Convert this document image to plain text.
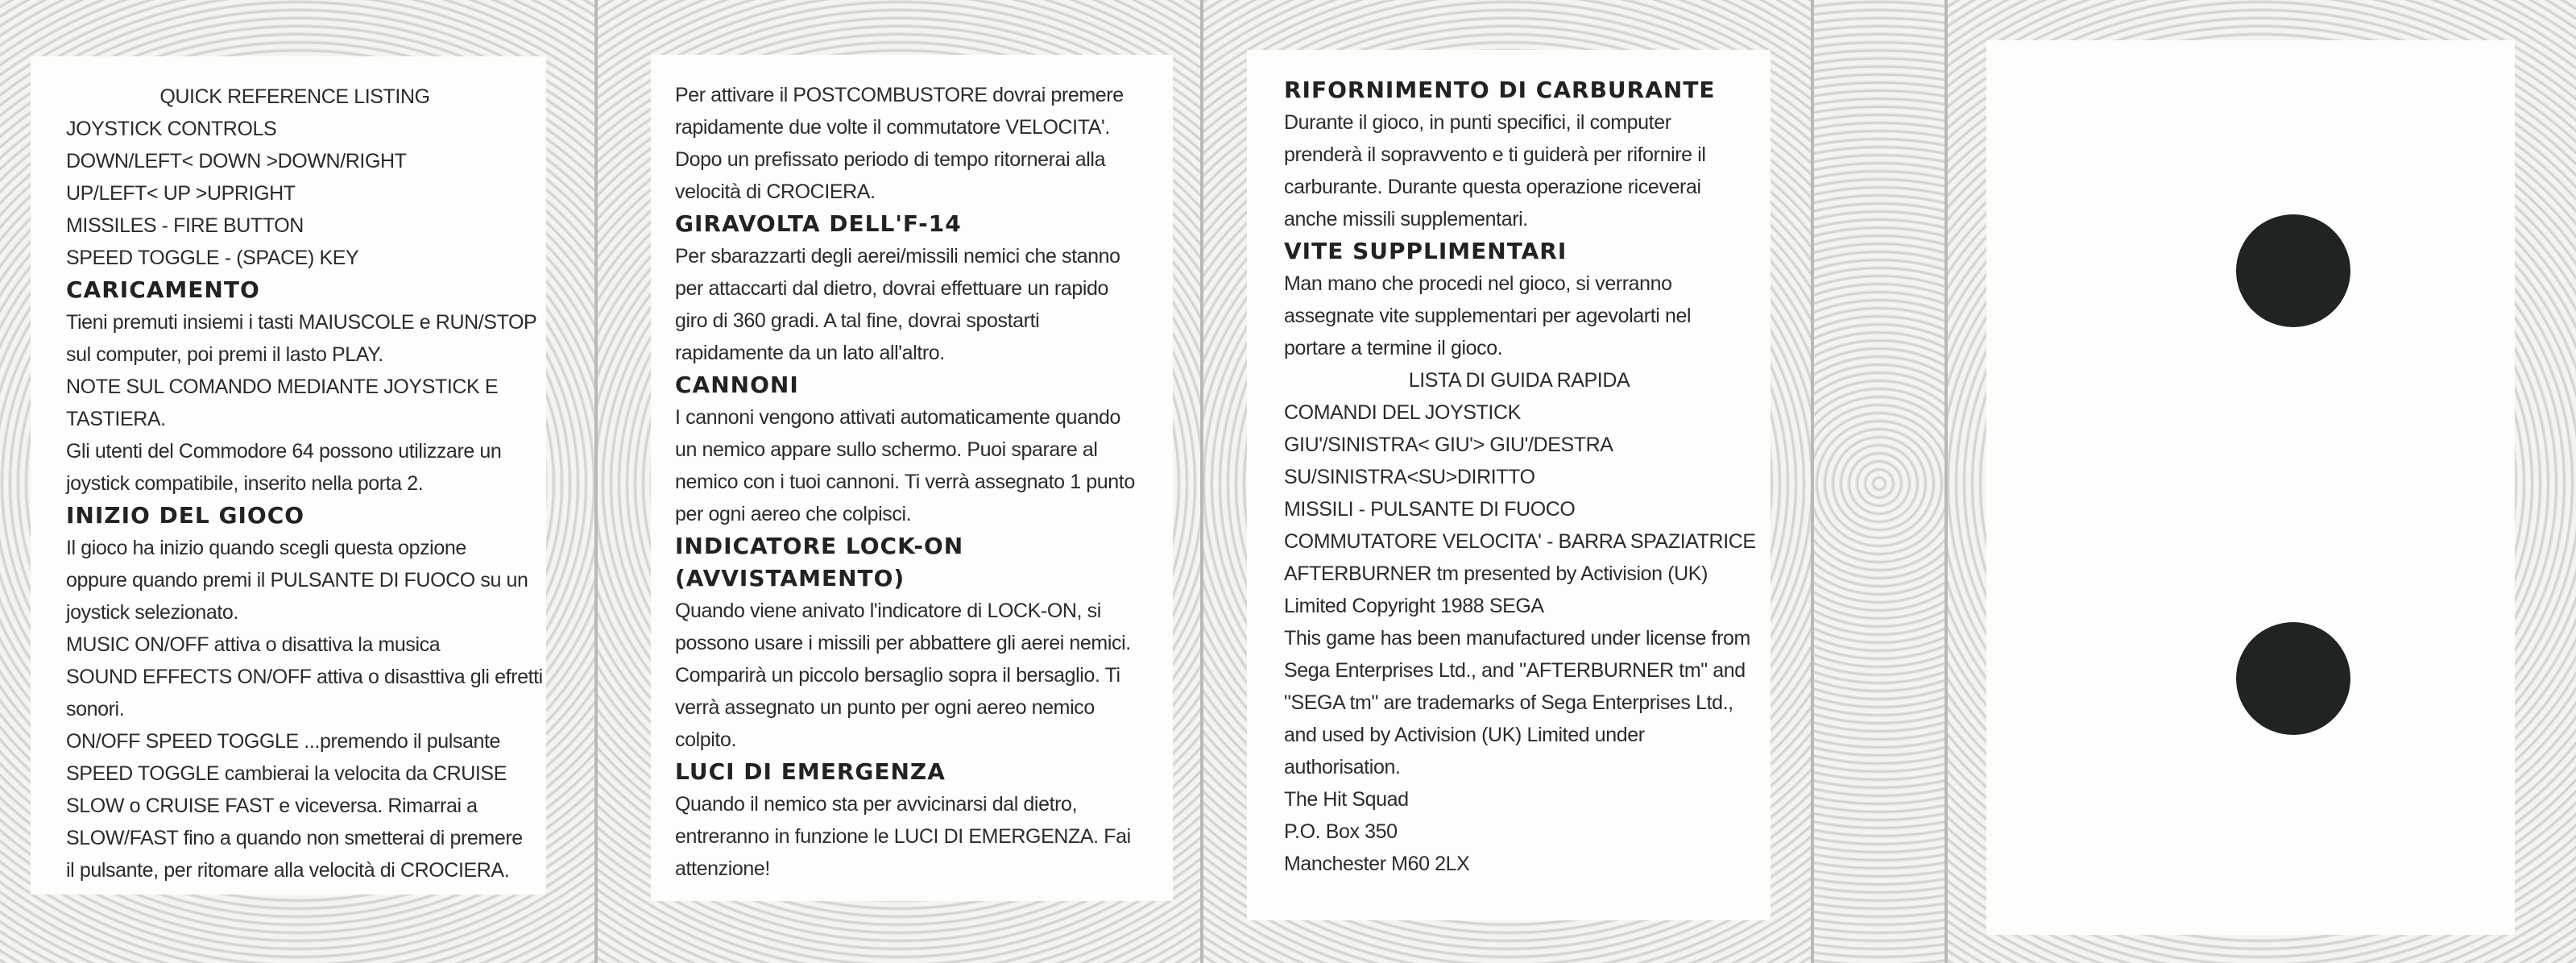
QUICK REFERENCE LISTING
JOYSTICK CONTROLS
DOWN/LEFT< DOWN >DOWN/RIGHT
UP/LEFT< UP >UPRIGHT
MISSILES - FIRE BUTTON
SPEED TOGGLE - (SPACE) KEY
CARICAMENTO
Tieni premuti insiemi i tasti MAIUSCOLE e RUN/STOP
sul computer, poi premi il lasto PLAY.
NOTE SUL COMANDO MEDIANTE JOYSTICK E
TASTIERA.
Gli utenti del Commodore 64 possono utilizzare un
joystick compatibile, inserito nella porta 2.
INIZIO DEL GIOCO
Il gioco ha inizio quando scegli questa opzione
oppure quando premi il PULSANTE DI FUOCO su un
joystick selezionato.
MUSIC ON/OFF attiva o disattiva la musica
SOUND EFFECTS ON/OFF attiva o disasttiva gli efretti
sonori.
ON/OFF SPEED TOGGLE ...premendo il pulsante
SPEED TOGGLE cambierai la velocita da CRUISE
SLOW o CRUISE FAST e viceversa. Rimarrai a
SLOW/FAST fino a quando non smetterai di premere
il pulsante, per ritomare alla velocità di CROCIERA.
Per attivare il POSTCOMBUSTORE dovrai premere
rapidamente due volte il commutatore VELOCITA'.
Dopo un prefissato periodo di tempo ritornerai alla
velocità di CROCIERA.
GIRAVOLTA DELL'F-14
Per sbarazzarti degli aerei/missili nemici che stanno
per attaccarti dal dietro, dovrai effettuare un rapido
giro di 360 gradi. A tal fine, dovrai spostarti
rapidamente da un lato all'altro.
CANNONI
I cannoni vengono attivati automaticamente quando
un nemico appare sullo schermo. Puoi sparare al
nemico con i tuoi cannoni. Ti verrà assegnato 1 punto
per ogni aereo che colpisci.
INDICATORE LOCK-ON
(AVVISTAMENTO)
Quando viene anivato l'indicatore di LOCK-ON, si
possono usare i missili per abbattere gli aerei nemici.
Comparirà un piccolo bersaglio sopra il bersaglio. Ti
verrà assegnato un punto per ogni aereo nemico
colpito.
LUCI DI EMERGENZA
Quando il nemico sta per avvicinarsi dal dietro,
entreranno in funzione le LUCI DI EMERGENZA. Fai
attenzione!
RIFORNIMENTO DI CARBURANTE
Durante il gioco, in punti specifici, il computer
prenderà il sopravvento e ti guiderà per rifornire il
carburante. Durante questa operazione riceverai
anche missili supplementari.
VITE SUPPLIMENTARI
Man mano che procedi nel gioco, si verranno
assegnate vite supplementari per agevolarti nel
portare a termine il gioco.
LISTA DI GUIDA RAPIDA
COMANDI DEL JOYSTICK
GIU'/SINISTRA< GIU'> GIU'/DESTRA
SU/SINISTRA<SU>DIRITTO
MISSILI - PULSANTE DI FUOCO
COMMUTATORE VELOCITA' - BARRA SPAZIATRICE
AFTERBURNER tm presented by Activision (UK)
Limited Copyright 1988 SEGA
This game has been manufactured under license from
Sega Enterprises Ltd., and "AFTERBURNER tm" and
"SEGA tm" are trademarks of Sega Enterprises Ltd.,
and used by Activision (UK) Limited under
authorisation.
The Hit Squad
P.O. Box 350
Manchester M60 2LX
